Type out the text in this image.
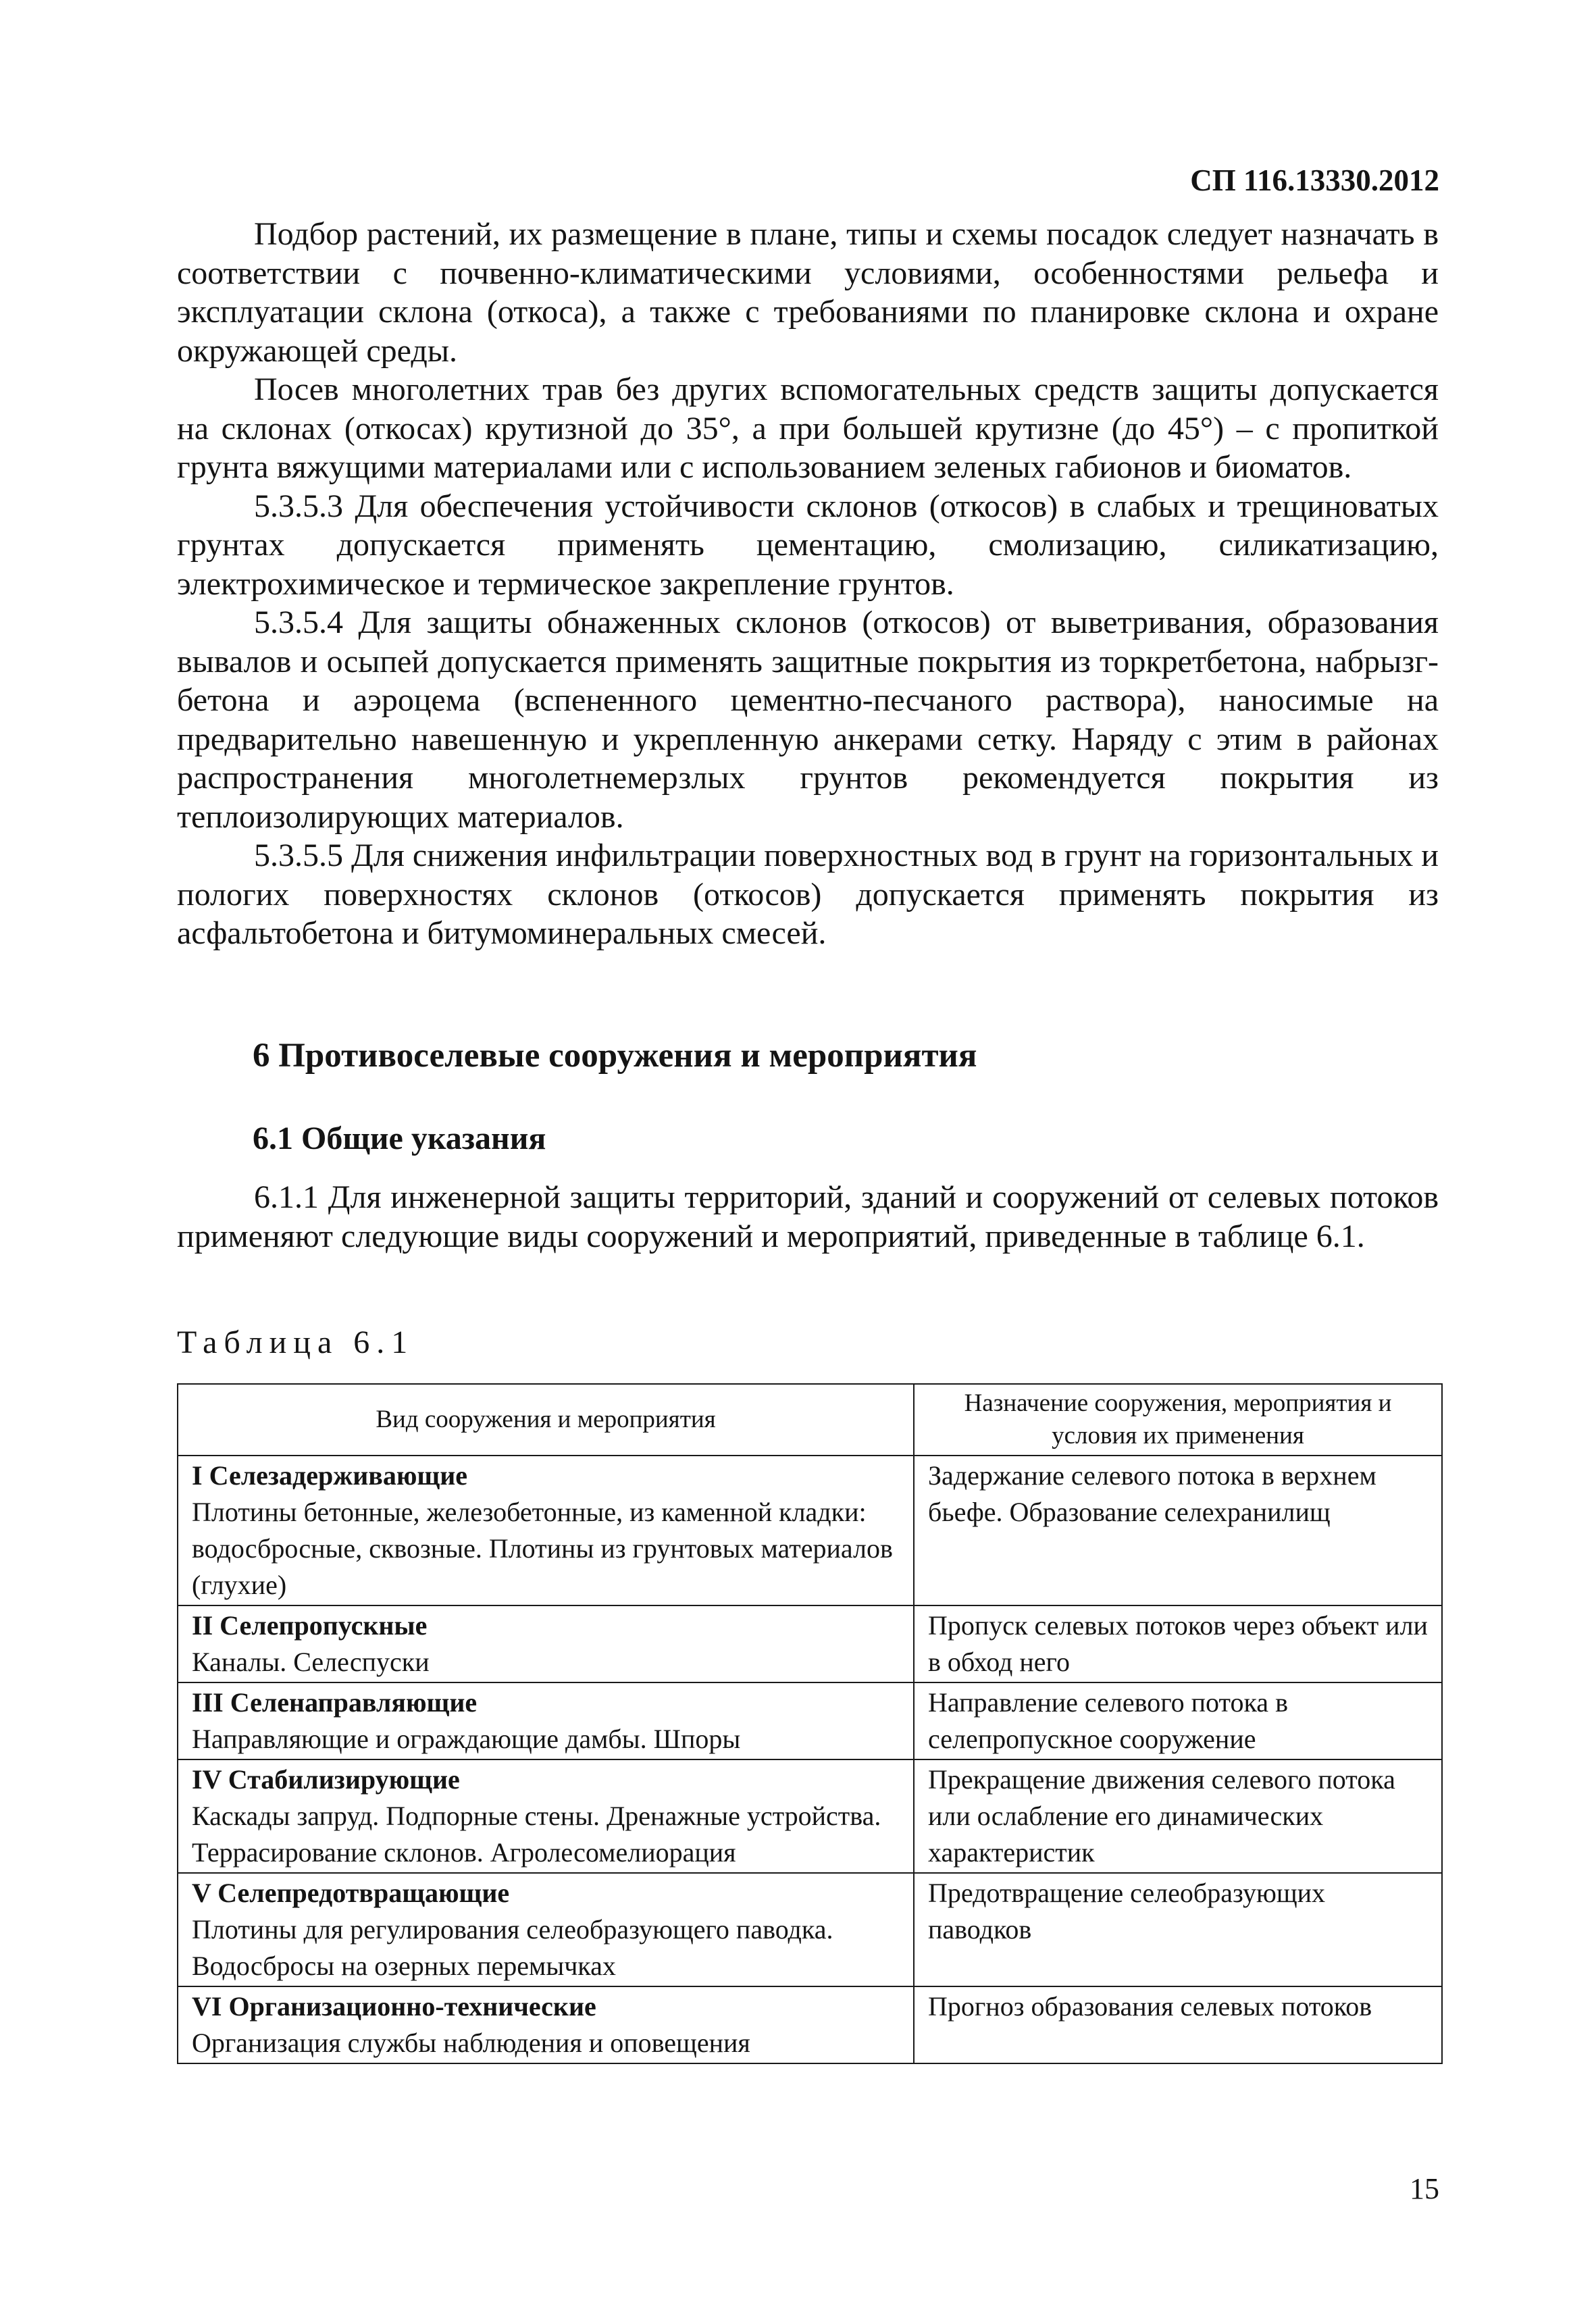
СП 116.13330.2012

Подбор растений, их размещение в плане, типы и схемы посадок следует назначать в соответствии с почвенно-климатическими условиями, особенностями рельефа и эксплуатации склона (откоса), а также с требованиями по планировке склона и охране окружающей среды.

Посев многолетних трав без других вспомогательных средств защиты допускается на склонах (откосах) крутизной до 35°, а при большей крутизне (до 45°) – с пропиткой грунта вяжущими материалами или с использованием зеленых габионов и биоматов.

5.3.5.3 Для обеспечения устойчивости склонов (откосов) в слабых и трещиноватых грунтах допускается применять цементацию, смолизацию, силикатизацию, электрохимическое и термическое закрепление грунтов.

5.3.5.4 Для защиты обнаженных склонов (откосов) от выветривания, образования вывалов и осыпей допускается применять защитные покрытия из торкретбетона, набрызг-бетона и аэроцема (вспененного цементно-песчаного раствора), наносимые на предварительно навешенную и укрепленную анкерами сетку. Наряду с этим в районах распространения многолетнемерзлых грунтов рекомендуется покрытия из теплоизолирующих материалов.

5.3.5.5 Для снижения инфильтрации поверхностных вод в грунт на горизонтальных и пологих поверхностях склонов (откосов) допускается применять покрытия из асфальтобетона и битумоминеральных смесей.

6 Противоселевые сооружения и мероприятия
6.1 Общие указания

6.1.1 Для инженерной защиты территорий, зданий и сооружений от селевых потоков применяют следующие виды сооружений и мероприятий, приведенные в таблице 6.1.

Таблица 6.1
Вид сооружения и мероприятия	Назначение сооружения, мероприятия и условия их применения

I Селезадерживающие
Плотины бетонные, железобетонные, из каменной кладки: водосбросные, сквозные. Плотины из грунтовых материалов (глухие)	Задержание селевого потока в верхнем бьефе. Образование селехранилищ

II Селепропускные
Каналы. Селеспуски	Пропуск селевых потоков через объект или в обход него

III Селенаправляющие
Направляющие и ограждающие дамбы. Шпоры	Направление селевого потока в селепропускное сооружение

IV Стабилизирующие
Каскады запруд. Подпорные стены. Дренажные устройства. Террасирование склонов. Агролесомелиорация	Прекращение движения селевого потока или ослабление его динамических характеристик

V Селепредотвращающие
Плотины для регулирования селеобразующего паводка. Водосбросы на озерных перемычках	Предотвращение селеобразующих паводков

VI Организационно-технические
Организация службы наблюдения и оповещения	Прогноз образования селевых потоков
15
